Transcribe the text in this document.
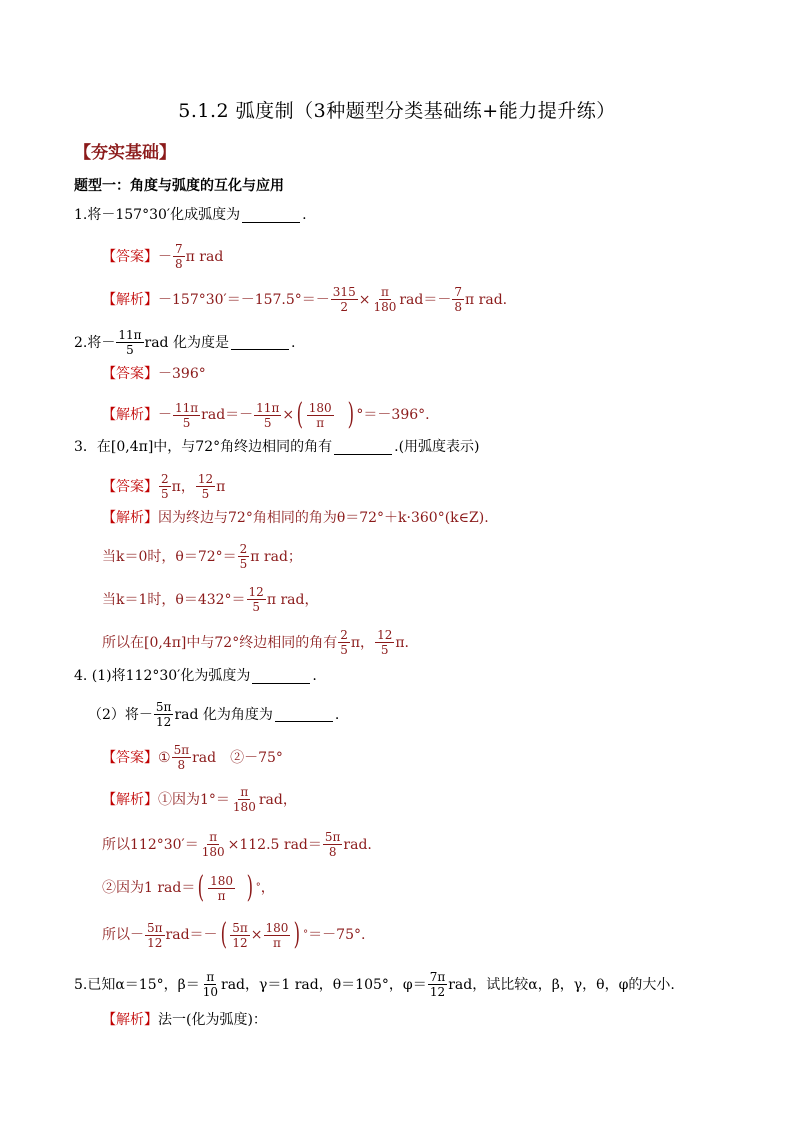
5.1.2 弧度制（3种题型分类基础练+能力提升练）
【夯实基础】
题型一：角度与弧度的互化与应用
1.将－157°30′化成弧度为	.
【答案】 － $\frac{7}{8}$ π rad
【解析】 $-157^\circ 30'=-157.5^\circ=- \frac{315}{2} \times \frac{\pi}{180} rad=- \frac{7}{8}$ π rad.
2.将－ $\frac{11\pi}{5}$ rad 化为度是	.
【答案】 －396°
【解析】 － $\frac{11\pi}{5} rad=- \frac{11\pi}{5}$ × ( $\frac{180}{\pi}$ ) °＝－396°.
3．在[0,4π]中，与72°角终边相同的角有	.(用弧度表示)
【答案】 $\frac{2}{5}$ π， $\frac{12}{5}$ π
【解析】 因为终边与72°角相同的角为θ＝72°＋k·360°(k∈Z).
当k＝0时，$\theta=72^\circ= \frac{2}{5}$ π rad；
当k＝1时，$\theta=432^\circ= \frac{12}{5}$ π rad，
所以在[0,4π]中与72°终边相同的角有 $\frac{2}{5}$ π， $\frac{12}{5} \pi$.
4. (1)将112°30′化为弧度为	.
（2）将－ $\frac{5\pi}{12}$ rad 化为角度为	.
【答案】 ① $\frac{5\pi}{8}$ rad　②－75°
【解析】 ①因为$1^\circ= \frac{\pi}{180}$ rad，
所以$112^\circ 30'= \frac{\pi}{180} \times 112.5$ $rad= \frac{5\pi}{8}$ rad.
②因为1 rad＝ ( $\frac{180}{\pi}$ ) ° ，
所以－ $\frac{5\pi}{12} rad=-$ ( $\frac{5\pi}{12} \times \frac{180}{\pi}$ ) ° ＝－75°.
5.已知α＝15°，$\beta= \frac{\pi}{10}$ rad，γ＝1 rad，θ＝105°，$\varphi= \frac{7\pi}{12}$ rad，试比较α，β，γ，θ，φ的大小.
【解析】 法一(化为弧度)：
